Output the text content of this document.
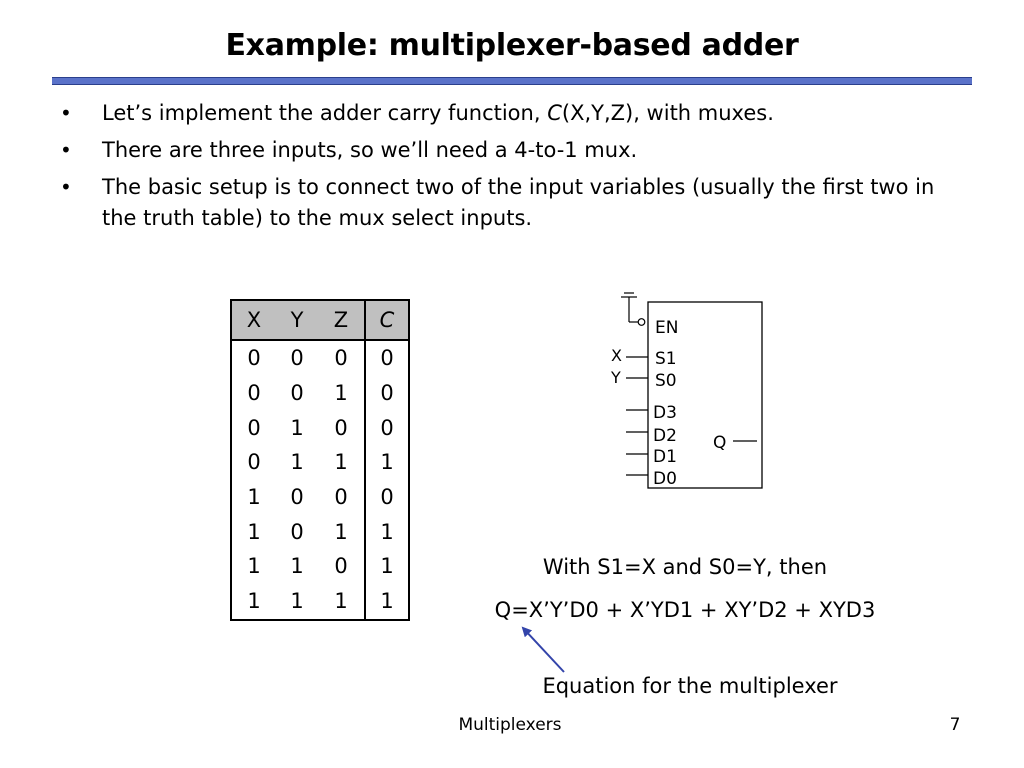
Example: multiplexer-based adder
• Let’s implement the adder carry function, C(X,Y,Z), with muxes.
• There are three inputs, so we’ll need a 4-to-1 mux.
• The basic setup is to connect two of the input variables (usually the first two in the truth table) to the mux select inputs.
X	Y	Z	C
0	0	0	0
0	0	1	0
0	1	0	0
0	1	1	1
1	0	0	0
1	0	1	1
1	1	0	1
1	1	1	1
EN
S1
S0
D3
D2
D1
D0
Q
X
Y
With S1=X and S0=Y, then
Q=X’Y’D0 + X’YD1 + XY’D2 + XYD3
Equation for the multiplexer
Multiplexers	7
